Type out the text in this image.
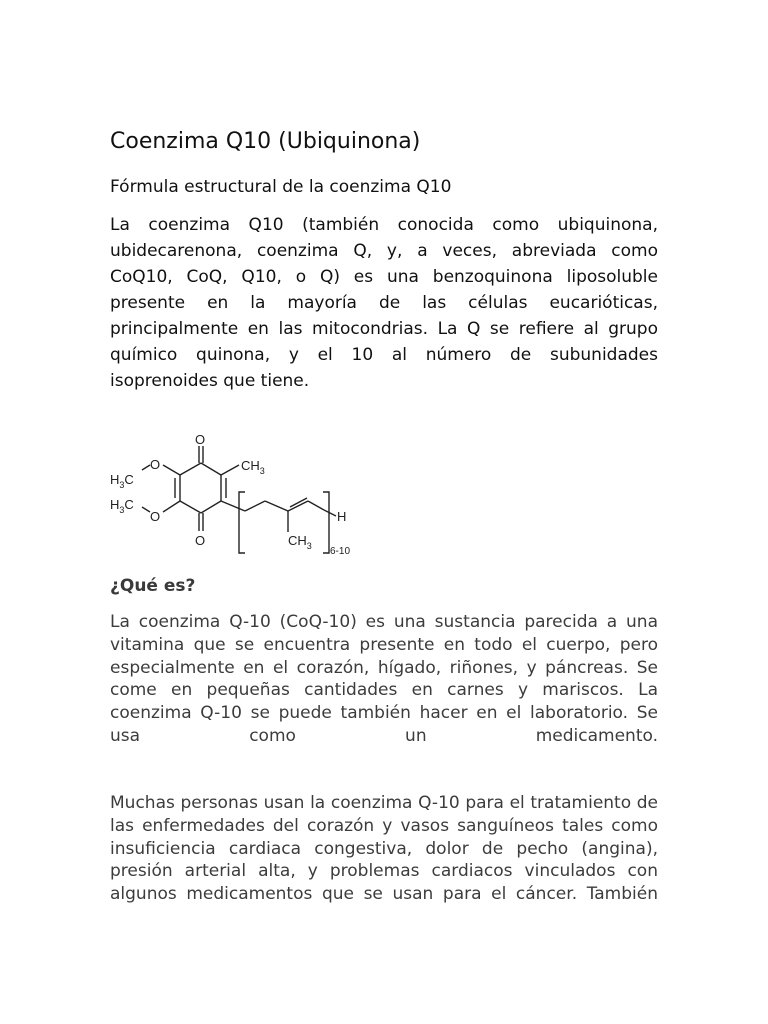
Coenzima Q10 (Ubiquinona)

Fórmula estructural de la coenzima Q10

La coenzima Q10 (también conocida como ubiquinona, ubidecarenona, coenzima Q, y, a veces, abreviada como CoQ10, CoQ, Q10, o Q) es una benzoquinona liposoluble presente en la mayoría de las células eucarióticas, principalmente en las mitocondrias. La Q se refiere al grupo químico quinona, y el 10 al número de subunidades isoprenoides que tiene.

O
O
$CH_3$
O
$H_3C$
$H_3C$
O	H
$CH_3$ 6-10
¿Qué es?

La coenzima Q-10 (CoQ-10) es una sustancia parecida a una vitamina que se encuentra presente en todo el cuerpo, pero especialmente en el corazón, hígado, riñones, y páncreas. Se come en pequeñas cantidades en carnes y mariscos. La coenzima Q-10 se puede también hacer en el laboratorio. Se usa como un medicamento.

Muchas personas usan la coenzima Q-10 para el tratamiento de las enfermedades del corazón y vasos sanguíneos tales como insuficiencia cardiaca congestiva, dolor de pecho (angina), presión arterial alta, y problemas cardiacos vinculados con algunos medicamentos que se usan para el cáncer. También
